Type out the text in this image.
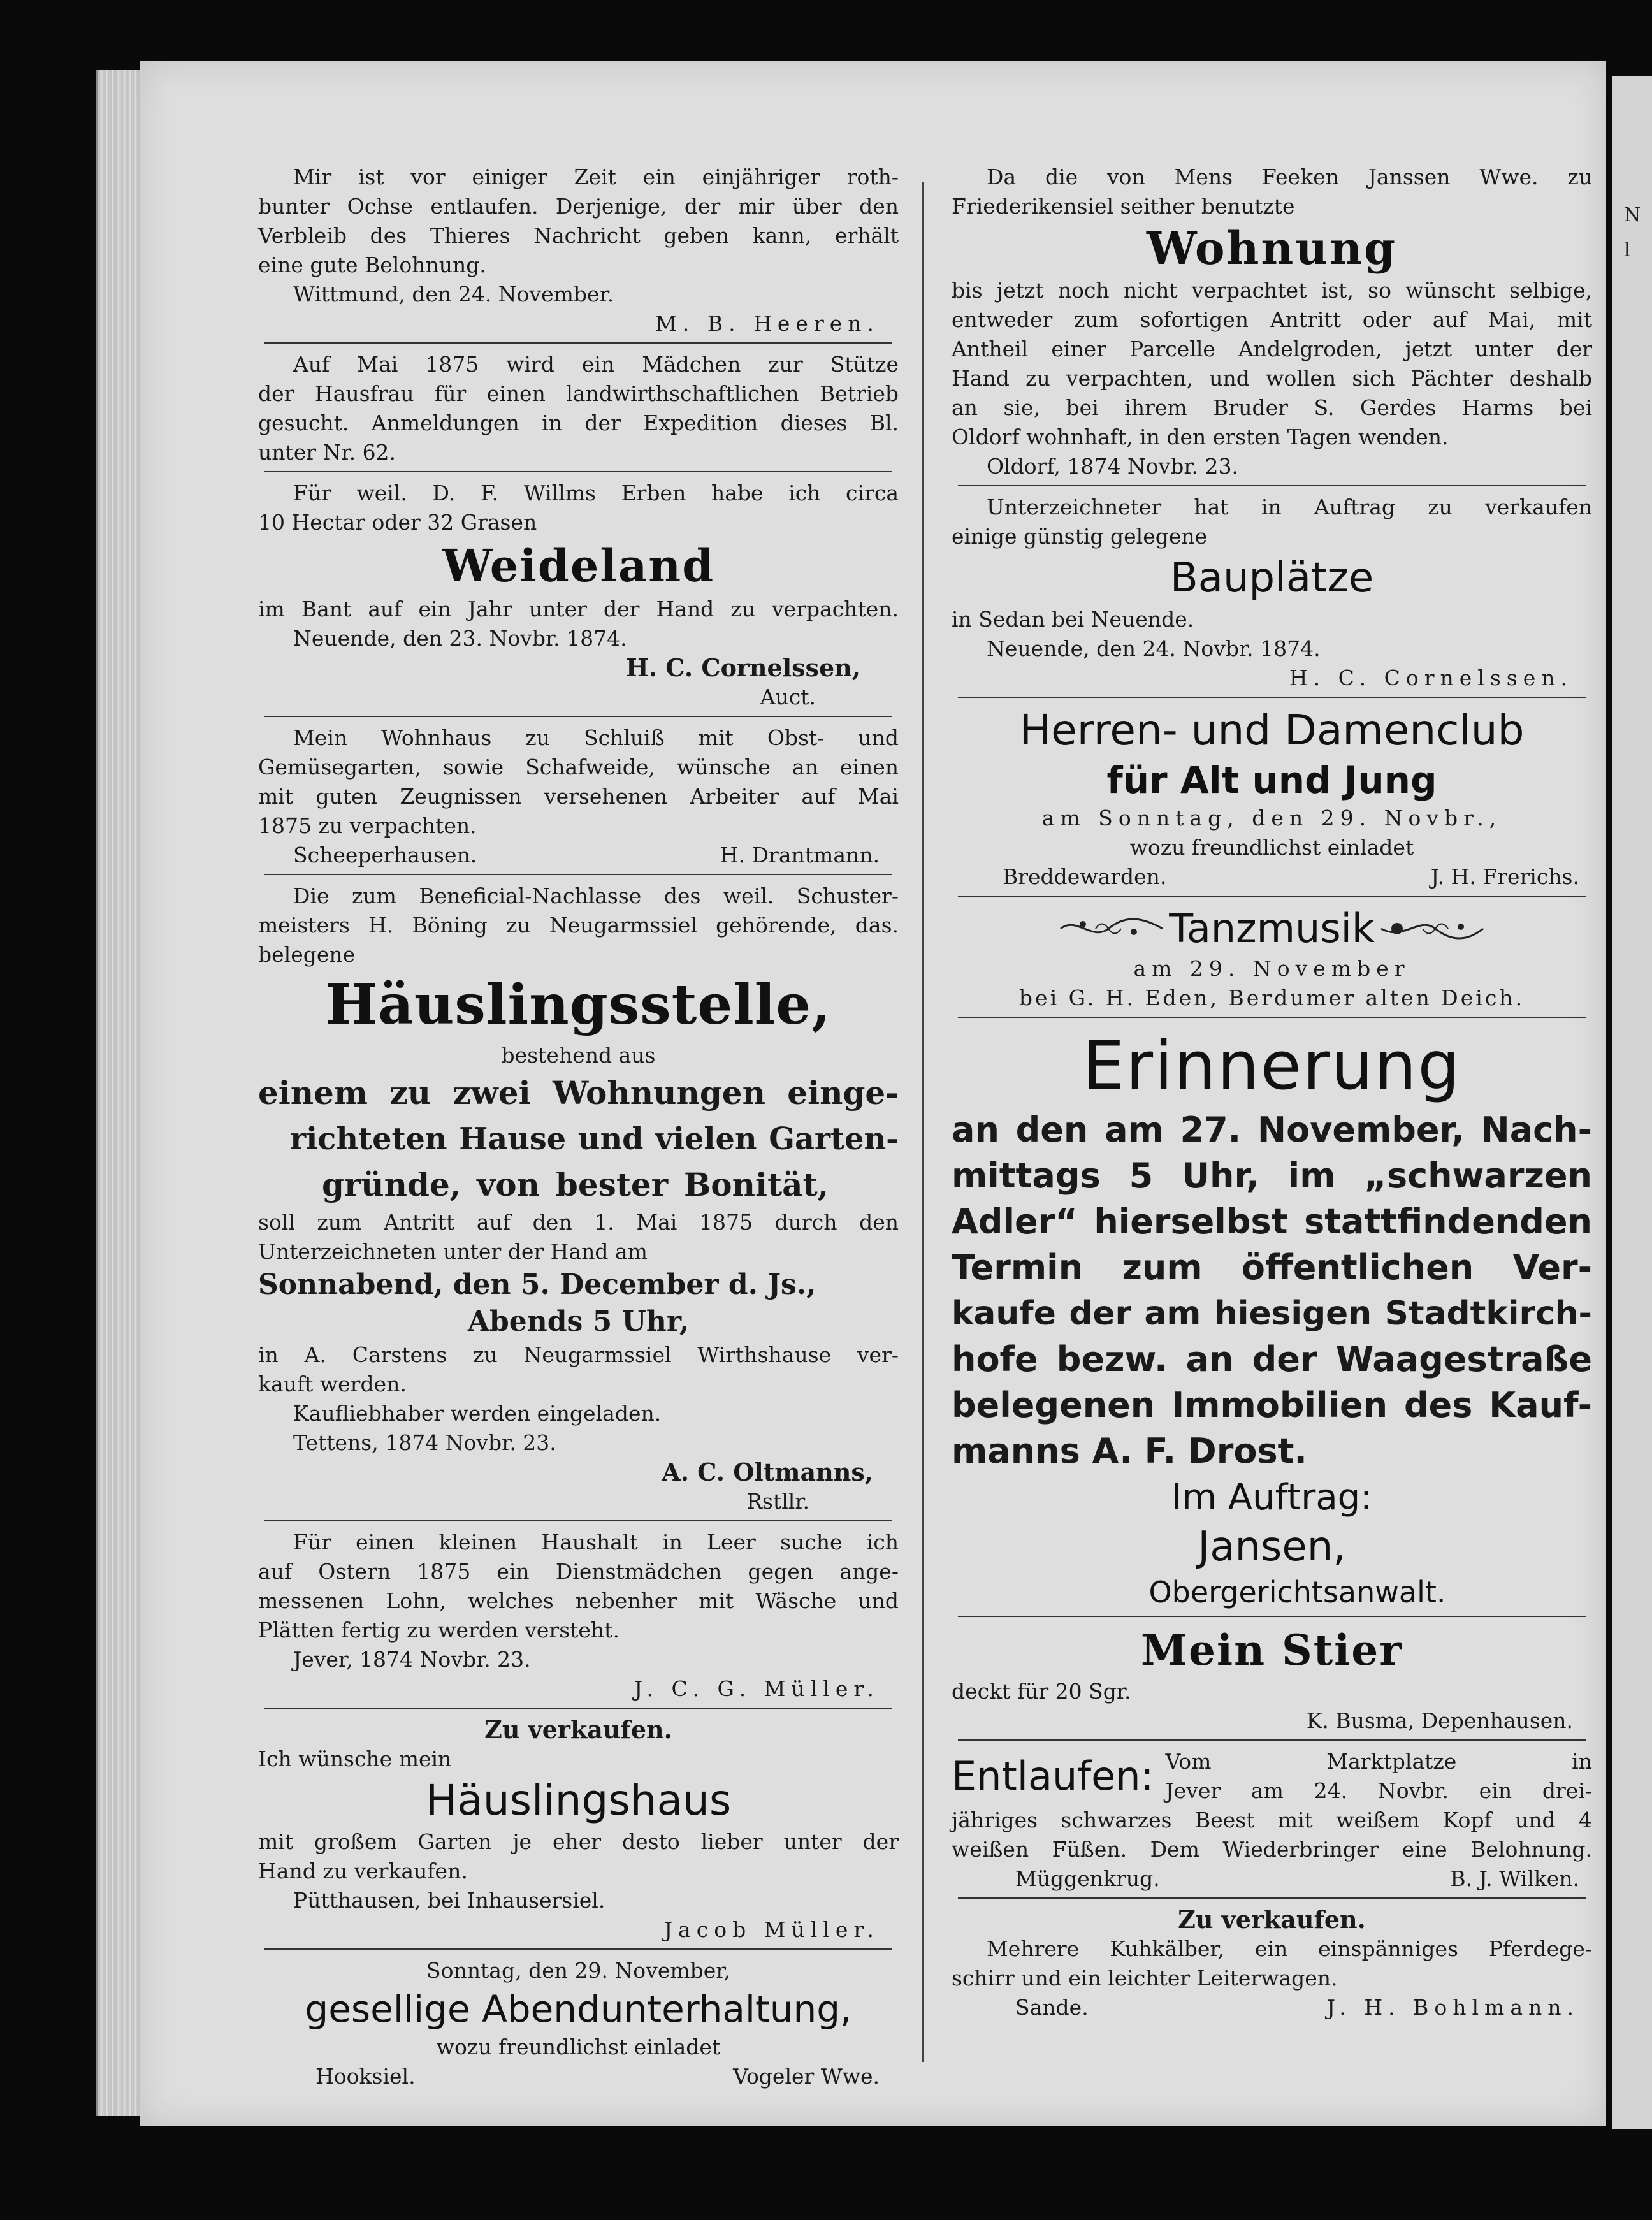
N
l
Mir ist vor einiger Zeit ein einjähriger roth-
bunter Ochse entlaufen. Derjenige, der mir über den
Verbleib des Thieres Nachricht geben kann, erhält
eine gute Belohnung.
Wittmund, den 24. November.
M. B. Heeren.
Auf Mai 1875 wird ein Mädchen zur Stütze
der Hausfrau für einen landwirthschaftlichen Betrieb
gesucht. Anmeldungen in der Expedition dieses Bl.
unter Nr. 62.
Für weil. D. F. Willms Erben habe ich circa
10 Hectar oder 32 Grasen
Weideland
im Bant auf ein Jahr unter der Hand zu verpachten.
Neuende, den 23. Novbr. 1874.
H. C. Cornelssen,
Auct.
Mein Wohnhaus zu Schluiß mit Obst- und
Gemüsegarten, sowie Schafweide, wünsche an einen
mit guten Zeugnissen versehenen Arbeiter auf Mai
1875 zu verpachten.
Scheeperhausen.	H. Drantmann.
Die zum Beneficial-Nachlasse des weil. Schuster-
meisters H. Böning zu Neugarmssiel gehörende, das.
belegene
Häuslingsstelle,
bestehend aus
einem zu zwei Wohnungen einge-
richteten Hause und vielen Garten-
gründe, von bester Bonität,
soll zum Antritt auf den 1. Mai 1875 durch den
Unterzeichneten unter der Hand am
Sonnabend, den 5. December d. Js.,
Abends 5 Uhr,
in A. Carstens zu Neugarmssiel Wirthshause ver-
kauft werden.
Kaufliebhaber werden eingeladen.
Tettens, 1874 Novbr. 23.
A. C. Oltmanns,
Rstllr.
Für einen kleinen Haushalt in Leer suche ich
auf Ostern 1875 ein Dienstmädchen gegen ange-
messenen Lohn, welches nebenher mit Wäsche und
Plätten fertig zu werden versteht.
Jever, 1874 Novbr. 23.
J. C. G. Müller.
Zu verkaufen.
Ich wünsche mein
Häuslingshaus
mit großem Garten je eher desto lieber unter der
Hand zu verkaufen.
Pütthausen, bei Inhausersiel.
Jacob Müller.
Sonntag, den 29. November,
gesellige Abendunterhaltung,
wozu freundlichst einladet
Hooksiel.	Vogeler Wwe.
Da die von Mens Feeken Janssen Wwe. zu
Friederikensiel seither benutzte
Wohnung
bis jetzt noch nicht verpachtet ist, so wünscht selbige,
entweder zum sofortigen Antritt oder auf Mai, mit
Antheil einer Parcelle Andelgroden, jetzt unter der
Hand zu verpachten, und wollen sich Pächter deshalb
an sie, bei ihrem Bruder S. Gerdes Harms bei
Oldorf wohnhaft, in den ersten Tagen wenden.
Oldorf, 1874 Novbr. 23.
Unterzeichneter hat in Auftrag zu verkaufen
einige günstig gelegene
Bauplätze
in Sedan bei Neuende.
Neuende, den 24. Novbr. 1874.
H. C. Cornelssen.
Herren- und Damenclub
für Alt und Jung
am Sonntag, den 29. Novbr.,
wozu freundlichst einladet
Breddewarden.	J. H. Frerichs.
Tanzmusik
am 29. November
bei G. H. Eden, Berdumer alten Deich.
Erinnerung
an den am 27. November, Nach-
mittags 5 Uhr, im „schwarzen
Adler“ hierselbst stattfindenden
Termin zum öffentlichen Ver-
kaufe der am hiesigen Stadtkirch-
hofe bezw. an der Waagestraße
belegenen Immobilien des Kauf-
manns A. F. Drost.
Im Auftrag:
Jansen,
Obergerichtsanwalt.
Mein Stier
deckt für 20 Sgr.
K. Busma, Depenhausen.
Entlaufen: Vom Marktplatze in
Jever am 24. Novbr. ein drei-
jähriges schwarzes Beest mit weißem Kopf und 4
weißen Füßen. Dem Wiederbringer eine Belohnung.
Müggenkrug.	B. J. Wilken.
Zu verkaufen.
Mehrere Kuhkälber, ein einspänniges Pferdege-
schirr und ein leichter Leiterwagen.
Sande.	J. H. Bohlmann.
